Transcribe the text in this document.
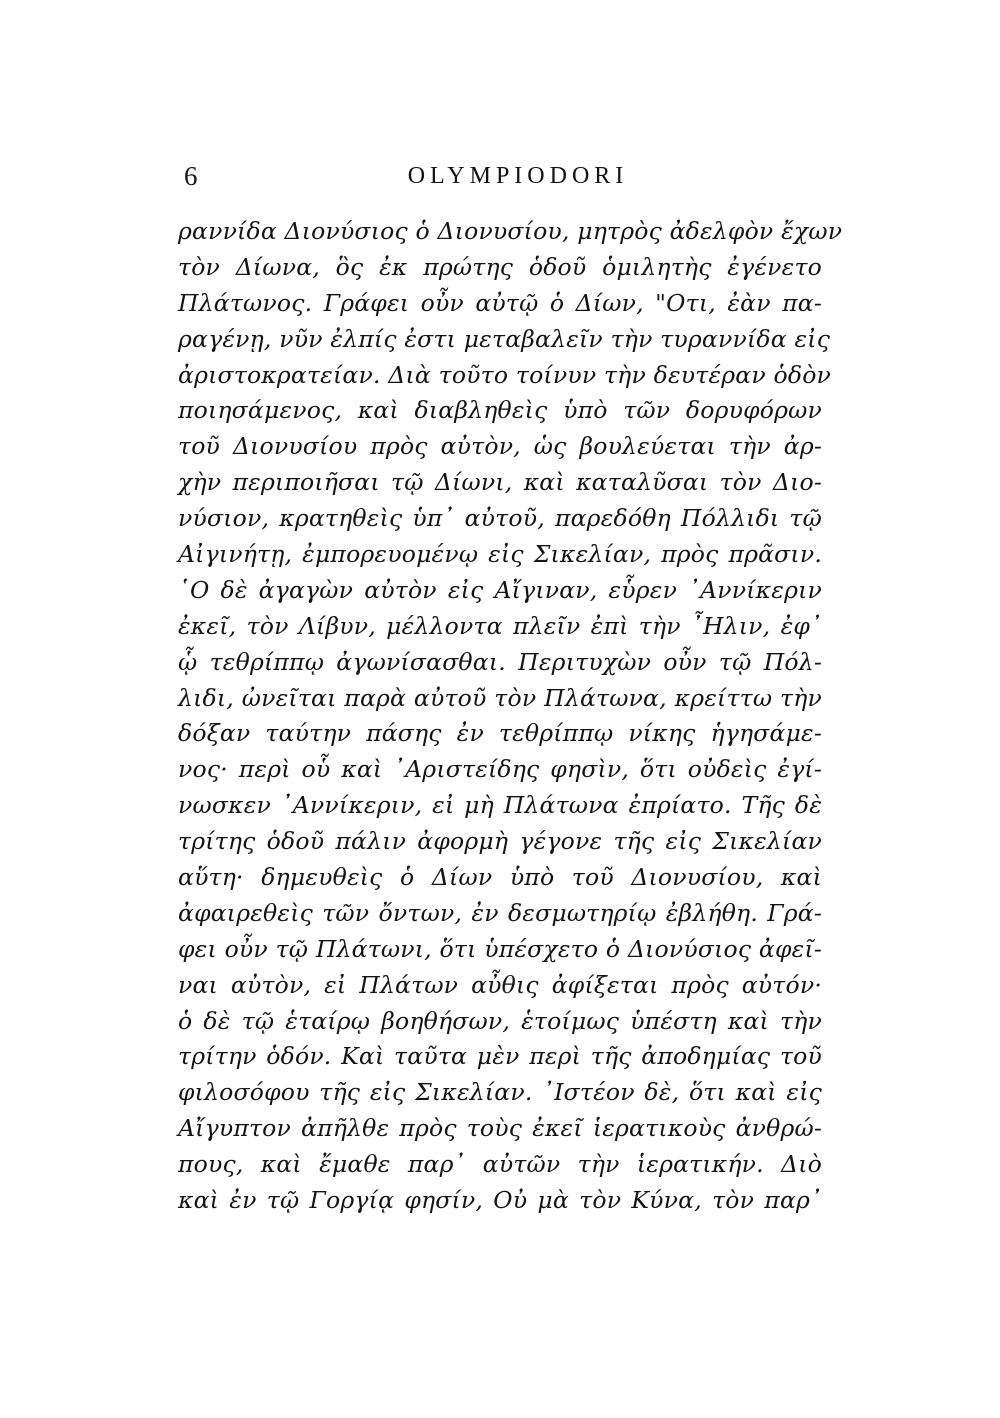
6	OLYMPIODORI
ραννίδα Διονύσιος ὁ Διονυσίου, μητρὸς ἀδελφὸν ἔχων
τὸν Δίωνα, ὃς ἐκ πρώτης ὁδοῦ ὁμιλητὴς ἐγένετο
Πλάτωνος. Γράφει οὖν αὐτῷ ὁ Δίων, "Οτι, ἐὰν πα-
ραγένῃ, νῦν ἐλπίς ἐστι μεταβαλεῖν τὴν τυραννίδα εἰς
ἀριστοκρατείαν. Διὰ τοῦτο τοίνυν τὴν δευτέραν ὁδὸν
ποιησάμενος, καὶ διαβληθεὶς ὑπὸ τῶν δορυφόρων
τοῦ Διονυσίου πρὸς αὐτὸν, ὡς βουλεύεται τὴν ἀρ-
χὴν περιποιῆσαι τῷ Δίωνι, καὶ καταλῦσαι τὸν Διο-
νύσιον, κρατηθεὶς ὑπ᾽ αὐτοῦ, παρεδόθη Πόλλιδι τῷ
Αἰγινήτῃ, ἐμπορευομένῳ εἰς Σικελίαν, πρὸς πρᾶσιν.
῾Ο δὲ ἀγαγὼν αὐτὸν εἰς Αἴγιναν, εὗρεν ᾿Αννίκεριν
ἐκεῖ, τὸν Λίβυν, μέλλοντα πλεῖν ἐπὶ τὴν ῏Ηλιν, ἐφ᾽
ᾧ τεθρίππῳ ἀγωνίσασθαι. Περιτυχὼν οὖν τῷ Πόλ-
λιδι, ὠνεῖται παρὰ αὐτοῦ τὸν Πλάτωνα, κρείττω τὴν
δόξαν ταύτην πάσης ἐν τεθρίππῳ νίκης ἡγησάμε-
νος· περὶ οὗ καὶ ᾿Αριστείδης φησὶν, ὅτι οὐδεὶς ἐγί-
νωσκεν ᾿Αννίκεριν, εἰ μὴ Πλάτωνα ἐπρίατο. Τῆς δὲ
τρίτης ὁδοῦ πάλιν ἀφορμὴ γέγονε τῆς εἰς Σικελίαν
αὕτη· δημευθεὶς ὁ Δίων ὑπὸ τοῦ Διονυσίου, καὶ
ἀφαιρεθεὶς τῶν ὄντων, ἐν δεσμωτηρίῳ ἐβλήθη. Γρά-
φει οὖν τῷ Πλάτωνι, ὅτι ὑπέσχετο ὁ Διονύσιος ἀφεῖ-
ναι αὐτὸν, εἰ Πλάτων αὖθις ἀφίξεται πρὸς αὐτόν·
ὁ δὲ τῷ ἑταίρῳ βοηθήσων, ἑτοίμως ὑπέστη καὶ τὴν
τρίτην ὁδόν. Καὶ ταῦτα μὲν περὶ τῆς ἀποδημίας τοῦ
φιλοσόφου τῆς εἰς Σικελίαν. ᾿Ιστέον δὲ, ὅτι καὶ εἰς
Αἴγυπτον ἀπῆλθε πρὸς τοὺς ἐκεῖ ἱερατικοὺς ἀνθρώ-
πους, καὶ ἔμαθε παρ᾽ αὐτῶν τὴν ἱερατικήν. Διὸ
καὶ ἐν τῷ Γοργίᾳ φησίν, Οὐ μὰ τὸν Κύνα, τὸν παρ᾽
